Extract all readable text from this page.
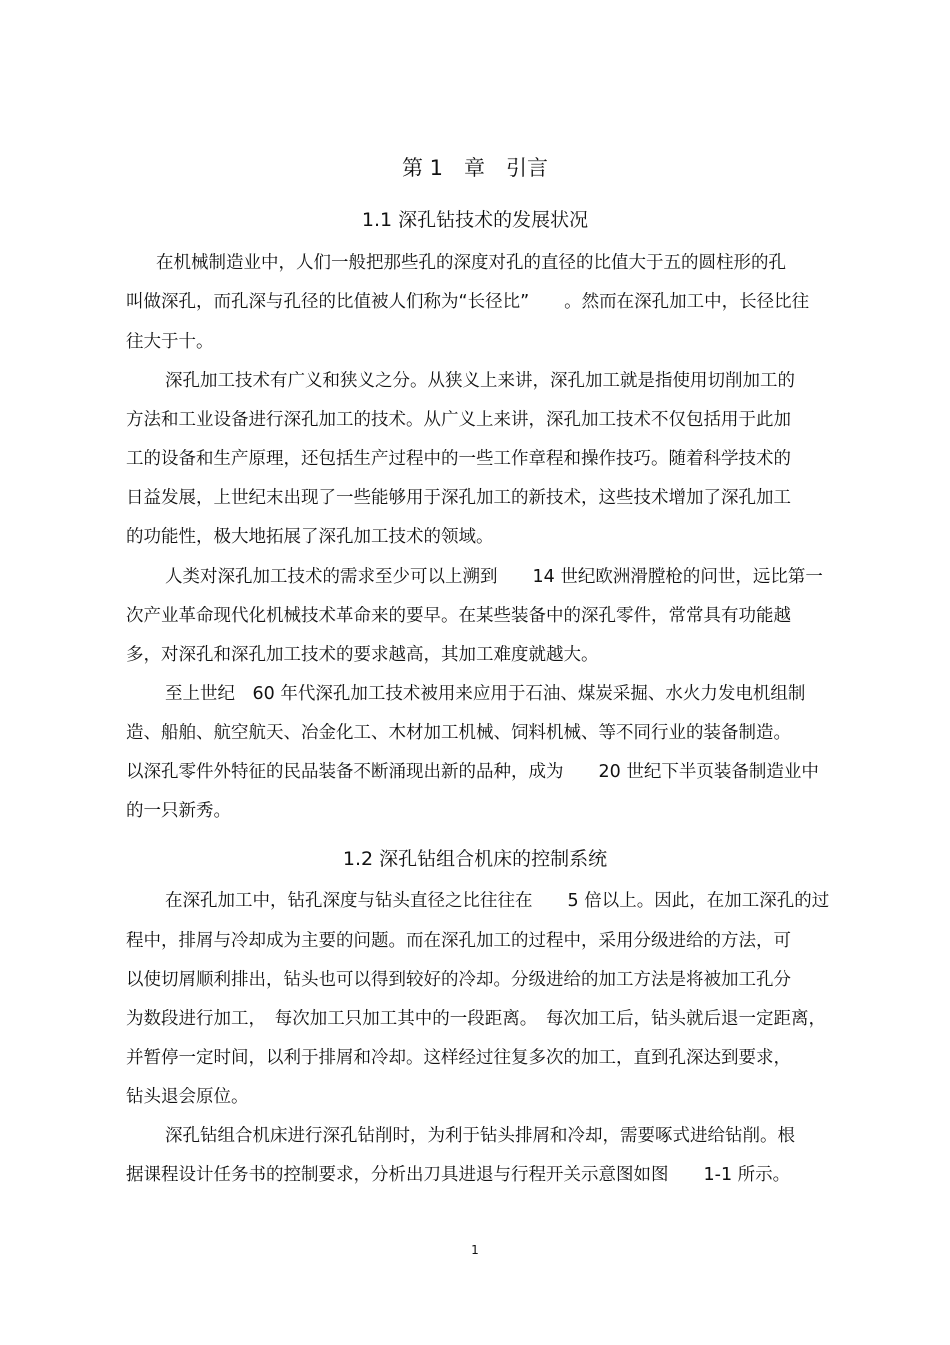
第 1　章　引言
1.1 深孔钻技术的发展状况
在机械制造业中，人们一般把那些孔的深度对孔的直径的比值大于五的圆柱形的孔
叫做深孔，而孔深与孔径的比值被人们称为“长径比”　　。然而在深孔加工中，长径比往
往大于十。
深孔加工技术有广义和狭义之分。从狭义上来讲，深孔加工就是指使用切削加工的
方法和工业设备进行深孔加工的技术。从广义上来讲，深孔加工技术不仅包括用于此加
工的设备和生产原理，还包括生产过程中的一些工作章程和操作技巧。随着科学技术的
日益发展，上世纪末出现了一些能够用于深孔加工的新技术，这些技术增加了深孔加工
的功能性，极大地拓展了深孔加工技术的领域。
人类对深孔加工技术的需求至少可以上溯到　　14 世纪欧洲滑膛枪的问世，远比第一
次产业革命现代化机械技术革命来的要早。在某些装备中的深孔零件，常常具有功能越
多，对深孔和深孔加工技术的要求越高，其加工难度就越大。
至上世纪　60 年代深孔加工技术被用来应用于石油、煤炭采掘、水火力发电机组制
造、船舶、航空航天、冶金化工、木材加工机械、饲料机械、等不同行业的装备制造。
以深孔零件外特征的民品装备不断涌现出新的品种，成为　　20 世纪下半页装备制造业中
的一只新秀。
1.2 深孔钻组合机床的控制系统
在深孔加工中，钻孔深度与钻头直径之比往往在　　5 倍以上。因此，在加工深孔的过
程中，排屑与冷却成为主要的问题。而在深孔加工的过程中，采用分级进给的方法，可
以使切屑顺利排出，钻头也可以得到较好的冷却。分级进给的加工方法是将被加工孔分
为数段进行加工，　每次加工只加工其中的一段距离。　每次加工后，钻头就后退一定距离，
并暂停一定时间，以利于排屑和冷却。这样经过往复多次的加工，直到孔深达到要求，
钻头退会原位。
深孔钻组合机床进行深孔钻削时，为利于钻头排屑和冷却，需要啄式进给钻削。根
据课程设计任务书的控制要求，分析出刀具进退与行程开关示意图如图　　1-1 所示。
1
